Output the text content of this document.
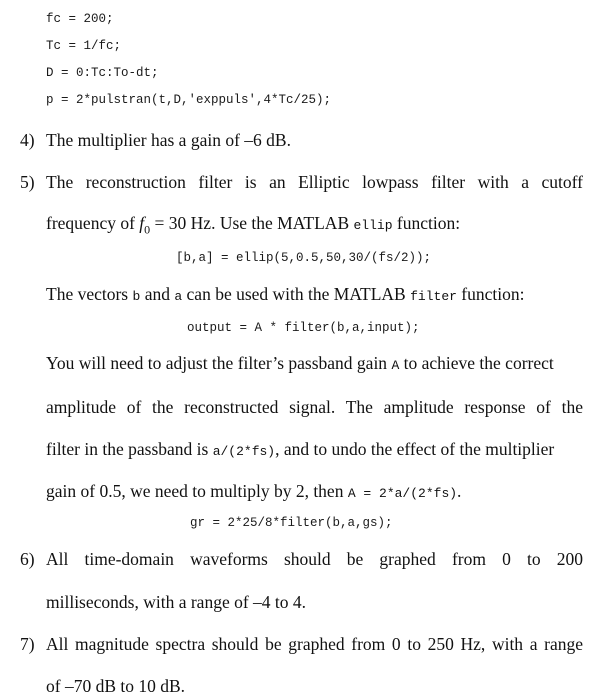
fc = 200;
Tc = 1/fc;
D = 0:Tc:To-dt;
p = 2*pulstran(t,D,'exppuls',4*Tc/25);
4) The multiplier has a gain of –6 dB.
5) The reconstruction filter is an Elliptic lowpass filter with a cutoff
frequency of $f_0 = 30$ Hz. Use the MATLAB ellip function:
[b,a] = ellip(5,0.5,50,30/(fs/2));
The vectors b and a can be used with the MATLAB filter function:
output = A * filter(b,a,input);
You will need to adjust the filter’s passband gain A to achieve the correct
amplitude of the reconstructed signal. The amplitude response of the
filter in the passband is a/(2*fs), and to undo the effect of the multiplier
gain of 0.5, we need to multiply by 2, then A = 2*a/(2*fs).
gr = 2*25/8*filter(b,a,gs);
6) All time-domain waveforms should be graphed from 0 to 200
milliseconds, with a range of –4 to 4.
7) All magnitude spectra should be graphed from 0 to 250 Hz, with a range
of –70 dB to 10 dB.
